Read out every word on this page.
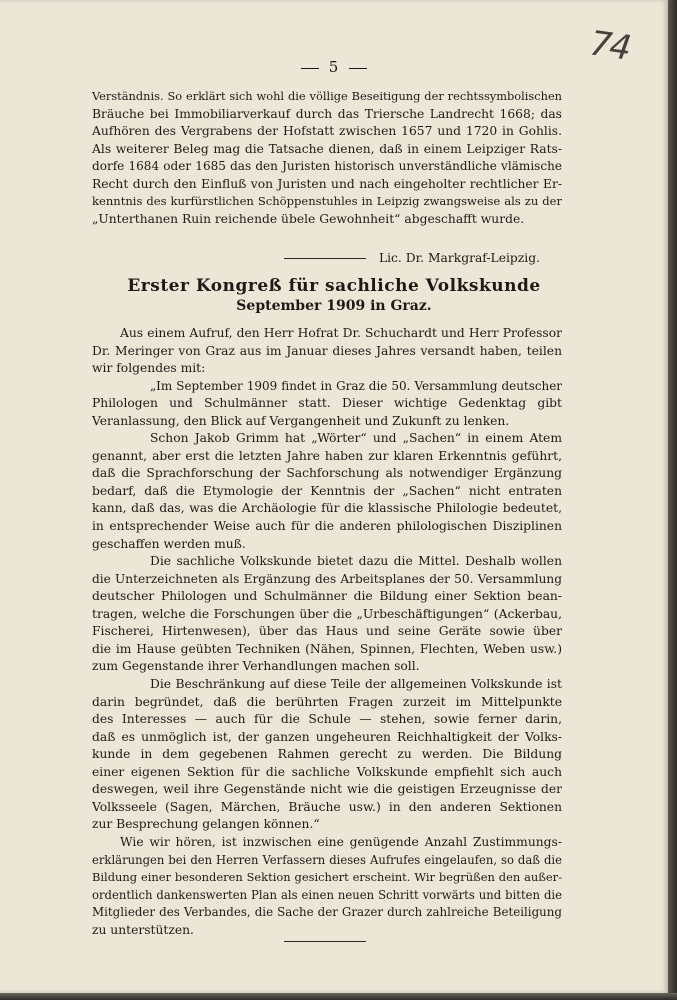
74
5
Verständnis. So erklärt sich wohl die völlige Beseitigung der rechtssymbolischen
Bräuche bei Immobiliarverkauf durch das Triersche Landrecht 1668; das
Aufhören des Vergrabens der Hofstatt zwischen 1657 und 1720 in Gohlis.
Als weiterer Beleg mag die Tatsache dienen, daß in einem Leipziger Rats-
dorfe 1684 oder 1685 das den Juristen historisch unverständliche vlämische
Recht durch den Einfluß von Juristen und nach eingeholter rechtlicher Er-
kenntnis des kurfürstlichen Schöppenstuhles in Leipzig zwangsweise als zu der
„Unterthanen Ruin reichende übele Gewohnheit“ abgeschafft wurde.
Lic. Dr. Markgraf-Leipzig.
Erster Kongreß für sachliche Volkskunde
September 1909 in Graz.
Aus einem Aufruf, den Herr Hofrat Dr. Schuchardt und Herr Professor
Dr. Meringer von Graz aus im Januar dieses Jahres versandt haben, teilen
wir folgendes mit:
„Im September 1909 findet in Graz die 50. Versammlung deutscher
Philologen und Schulmänner statt. Dieser wichtige Gedenktag gibt
Veranlassung, den Blick auf Vergangenheit und Zukunft zu lenken.
Schon Jakob Grimm hat „Wörter“ und „Sachen“ in einem Atem
genannt, aber erst die letzten Jahre haben zur klaren Erkenntnis geführt,
daß die Sprachforschung der Sachforschung als notwendiger Ergänzung
bedarf, daß die Etymologie der Kenntnis der „Sachen“ nicht entraten
kann, daß das, was die Archäologie für die klassische Philologie bedeutet,
in entsprechender Weise auch für die anderen philologischen Disziplinen
geschaffen werden muß.
Die sachliche Volkskunde bietet dazu die Mittel. Deshalb wollen
die Unterzeichneten als Ergänzung des Arbeitsplanes der 50. Versammlung
deutscher Philologen und Schulmänner die Bildung einer Sektion bean-
tragen, welche die Forschungen über die „Urbeschäftigungen“ (Ackerbau,
Fischerei, Hirtenwesen), über das Haus und seine Geräte sowie über
die im Hause geübten Techniken (Nähen, Spinnen, Flechten, Weben usw.)
zum Gegenstande ihrer Verhandlungen machen soll.
Die Beschränkung auf diese Teile der allgemeinen Volkskunde ist
darin begründet, daß die berührten Fragen zurzeit im Mittelpunkte
des Interesses — auch für die Schule — stehen, sowie ferner darin,
daß es unmöglich ist, der ganzen ungeheuren Reichhaltigkeit der Volks-
kunde in dem gegebenen Rahmen gerecht zu werden. Die Bildung
einer eigenen Sektion für die sachliche Volkskunde empfiehlt sich auch
deswegen, weil ihre Gegenstände nicht wie die geistigen Erzeugnisse der
Volksseele (Sagen, Märchen, Bräuche usw.) in den anderen Sektionen
zur Besprechung gelangen können.“
Wie wir hören, ist inzwischen eine genügende Anzahl Zustimmungs-
erklärungen bei den Herren Verfassern dieses Aufrufes eingelaufen, so daß die
Bildung einer besonderen Sektion gesichert erscheint. Wir begrüßen den außer-
ordentlich dankenswerten Plan als einen neuen Schritt vorwärts und bitten die
Mitglieder des Verbandes, die Sache der Grazer durch zahlreiche Beteiligung
zu unterstützen.
